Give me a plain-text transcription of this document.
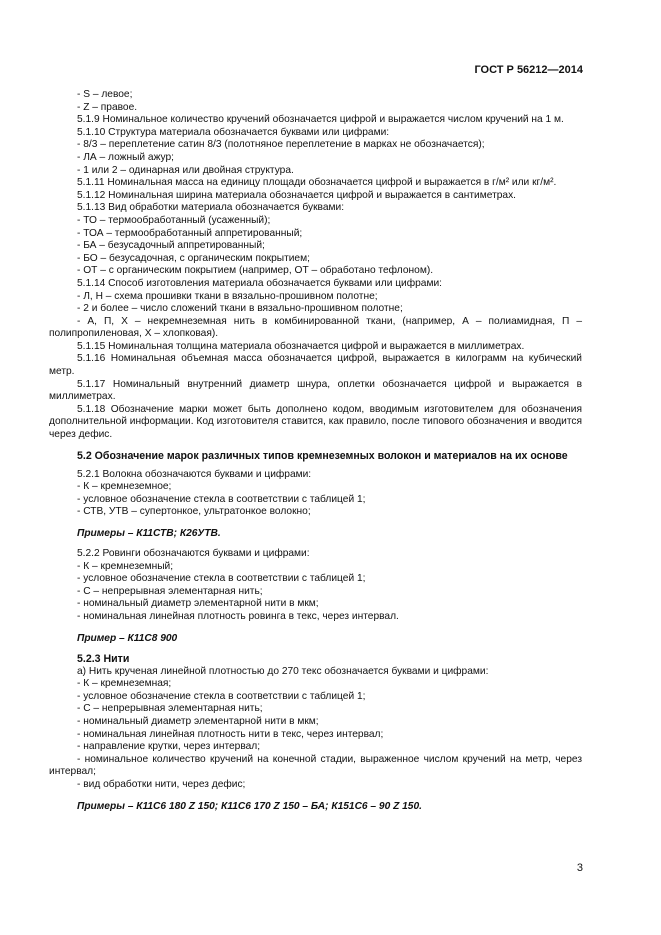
ГОСТ Р 56212—2014
- S – левое;
- Z – правое.
5.1.9 Номинальное количество кручений обозначается цифрой и выражается числом кручений на 1 м.
5.1.10 Структура материала обозначается буквами или цифрами:
- 8/3 – переплетение сатин 8/3 (полотняное переплетение в марках не обозначается);
- ЛА – ложный ажур;
- 1 или 2 – одинарная или двойная структура.
5.1.11 Номинальная масса на единицу площади обозначается цифрой и выражается в г/м² или кг/м².
5.1.12 Номинальная ширина материала обозначается цифрой и выражается в сантиметрах.
5.1.13 Вид обработки материала обозначается буквами:
- ТО – термообработанный (усаженный);
- ТОА – термообработанный аппретированный;
- БА – безусадочный аппретированный;
- БО – безусадочная, с органическим покрытием;
- ОТ – с органическим покрытием (например, ОТ – обработано тефлоном).
5.1.14 Способ изготовления материала обозначается буквами или цифрами:
- Л, Н – схема прошивки ткани в вязально-прошивном полотне;
- 2 и более – число сложений ткани в вязально-прошивном полотне;
- А, П, Х – некремнеземная нить в комбинированной ткани, (например, А – полиамидная, П – полипропиленовая, Х – хлопковая).
5.1.15 Номинальная толщина материала обозначается цифрой и выражается в миллиметрах.
5.1.16 Номинальная объемная масса обозначается цифрой, выражается в килограмм на кубический метр.
5.1.17 Номинальный внутренний диаметр шнура, оплетки обозначается цифрой и выражается в миллиметрах.
5.1.18 Обозначение марки может быть дополнено кодом, вводимым изготовителем для обозначения дополнительной информации. Код изготовителя ставится, как правило, после типового обозначения и вводится через дефис.
5.2 Обозначение марок различных типов кремнеземных волокон и материалов на их основе
5.2.1 Волокна обозначаются буквами и цифрами:
- К – кремнеземное;
- условное обозначение стекла в соответствии с таблицей 1;
- СТВ, УТВ – супертонкое, ультратонкое волокно;
Примеры – К11СТВ; К26УТВ.
5.2.2 Ровинги обозначаются буквами и цифрами:
- К – кремнеземный;
- условное обозначение стекла в соответствии с таблицей 1;
- С – непрерывная элементарная нить;
- номинальный диаметр элементарной нити в мкм;
- номинальная линейная плотность ровинга в текс, через интервал.
Пример – К11С8 900
5.2.3 Нити
а) Нить крученая линейной плотностью до 270 текс обозначается буквами и цифрами:
- К – кремнеземная;
- условное обозначение стекла в соответствии с таблицей 1;
- С – непрерывная элементарная нить;
- номинальный диаметр элементарной нити в мкм;
- номинальная линейная плотность нити в текс, через интервал;
- направление крутки, через интервал;
- номинальное количество кручений на конечной стадии, выраженное числом кручений на метр, через интервал;
- вид обработки нити, через дефис;
Примеры – К11С6 180 Z 150; К11С6 170 Z 150 – БА; К151С6 – 90 Z 150.
3
